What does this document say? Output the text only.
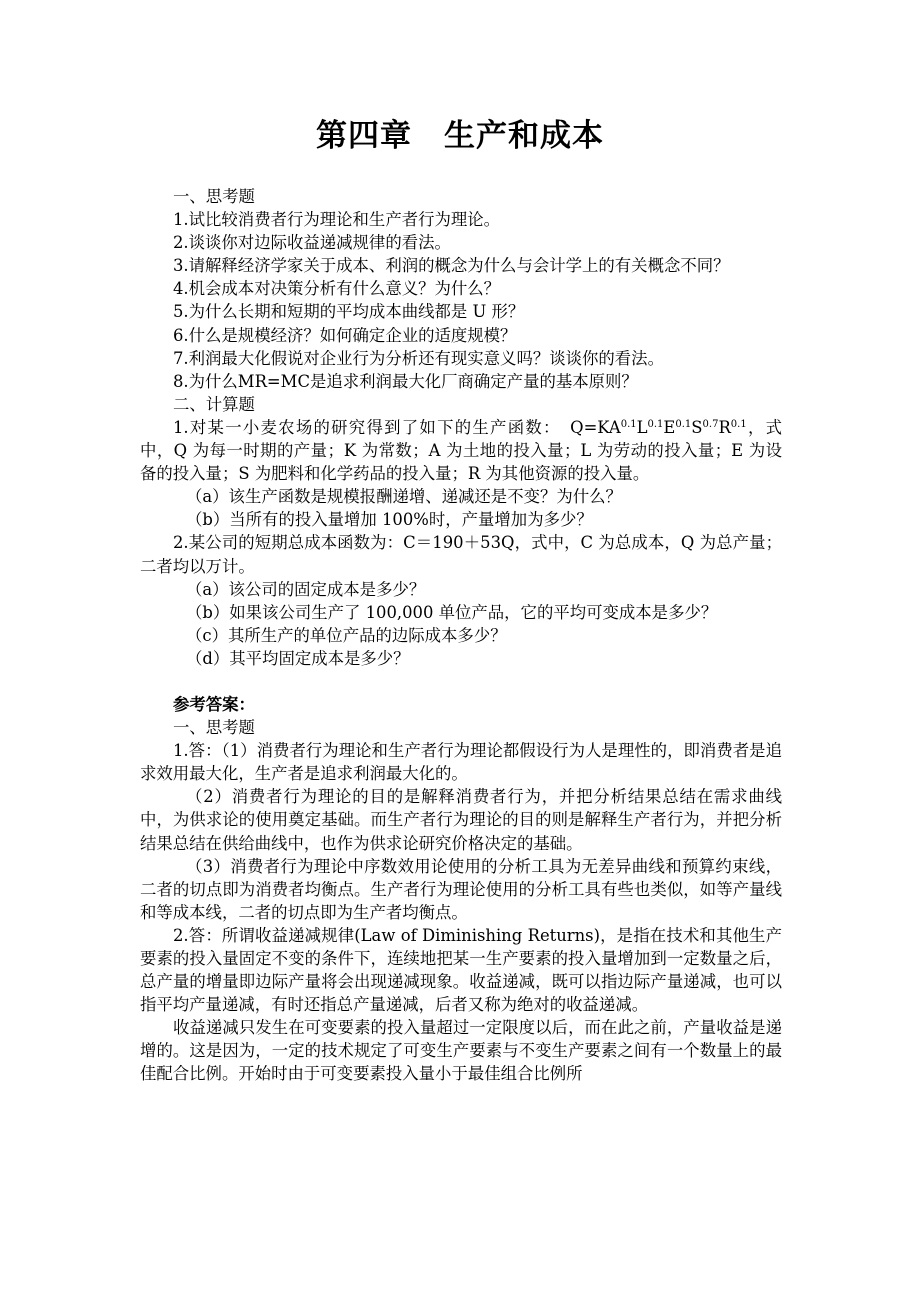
第四章　生产和成本

一、思考题

1.试比较消费者行为理论和生产者行为理论。

2.谈谈你对边际收益递减规律的看法。

3.请解释经济学家关于成本、利润的概念为什么与会计学上的有关概念不同？

4.机会成本对决策分析有什么意义？为什么？

5.为什么长期和短期的平均成本曲线都是 U 形？

6.什么是规模经济？如何确定企业的适度规模？

7.利润最大化假说对企业行为分析还有现实意义吗？谈谈你的看法。

8.为什么MR=MC是追求利润最大化厂商确定产量的基本原则？

二、计算题

1.对某一小麦农场的研究得到了如下的生产函数：　$Q=KA^{0.1}L^{0.1}E^{0.1}S^{0.7}R^{0.1}$，式中，Q 为每一时期的产量；K 为常数；A 为土地的投入量；L 为劳动的投入量；E 为设备的投入量；S 为肥料和化学药品的投入量；R 为其他资源的投入量。

（a）该生产函数是规模报酬递增、递减还是不变？为什么？

（b）当所有的投入量增加 100%时，产量增加为多少？

2.某公司的短期总成本函数为：C＝190＋53Q，式中，C 为总成本，Q 为总产量；二者均以万计。

（a）该公司的固定成本是多少？

（b）如果该公司生产了 100,000 单位产品，它的平均可变成本是多少？

（c）其所生产的单位产品的边际成本多少？

（d）其平均固定成本是多少？

参考答案：

一、思考题

1.答：（1）消费者行为理论和生产者行为理论都假设行为人是理性的，即消费者是追求效用最大化，生产者是追求利润最大化的。

（2）消费者行为理论的目的是解释消费者行为，并把分析结果总结在需求曲线中，为供求论的使用奠定基础。而生产者行为理论的目的则是解释生产者行为，并把分析结果总结在供给曲线中，也作为供求论研究价格决定的基础。

（3）消费者行为理论中序数效用论使用的分析工具为无差异曲线和预算约束线，二者的切点即为消费者均衡点。生产者行为理论使用的分析工具有些也类似，如等产量线和等成本线，二者的切点即为生产者均衡点。

2.答：所谓收益递减规律(Law of Diminishing Returns)，是指在技术和其他生产要素的投入量固定不变的条件下，连续地把某一生产要素的投入量增加到一定数量之后，总产量的增量即边际产量将会出现递减现象。收益递减，既可以指边际产量递减，也可以指平均产量递减，有时还指总产量递减，后者又称为绝对的收益递减。

收益递减只发生在可变要素的投入量超过一定限度以后，而在此之前，产量收益是递增的。这是因为，一定的技术规定了可变生产要素与不变生产要素之间有一个数量上的最佳配合比例。开始时由于可变要素投入量小于最佳组合比例所
